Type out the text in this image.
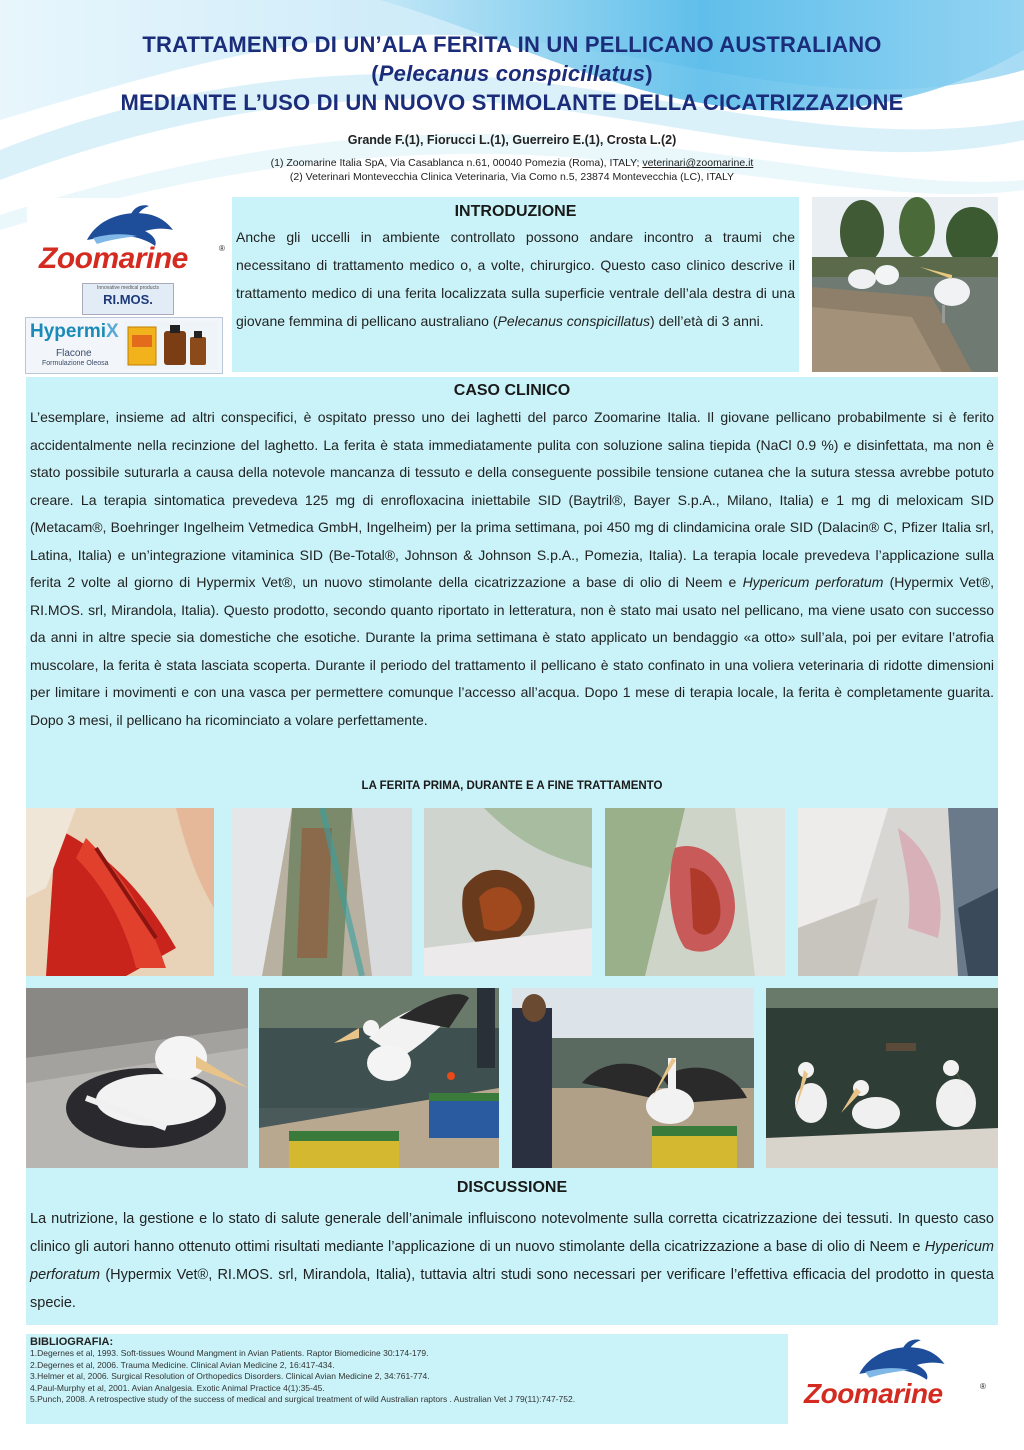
TRATTAMENTO DI UN’ALA FERITA IN UN PELLICANO AUSTRALIANO
(Pelecanus conspicillatus)
MEDIANTE L’USO DI UN NUOVO STIMOLANTE DELLA CICATRIZZAZIONE
Grande F.(1), Fiorucci L.(1), Guerreiro E.(1), Crosta L.(2)
(1) Zoomarine Italia SpA, Via Casablanca n.61, 00040 Pomezia (Roma), ITALY; veterinari@zoomarine.it
(2) Veterinari Montevecchia Clinica Veterinaria, Via Como n.5, 23874 Montevecchia (LC), ITALY
Zoomarine	®
Innovative medical products
RI.MOS.
HypermiX
Flacone
Formulazione Oleosa
INTRODUZIONE
Anche gli uccelli in ambiente controllato possono andare incontro a traumi che necessitano di trattamento medico o, a volte, chirurgico. Questo caso clinico descrive il trattamento medico di una ferita localizzata sulla superficie ventrale dell’ala destra di una giovane femmina di pellicano australiano (Pelecanus conspicillatus) dell’età di 3 anni.
CASO CLINICO
L’esemplare, insieme ad altri conspecifici, è ospitato presso uno dei laghetti del parco Zoomarine Italia. Il giovane pellicano probabilmente si è ferito accidentalmente nella recinzione del laghetto. La ferita è stata immediatamente pulita con soluzione salina tiepida (NaCl 0.9 %) e disinfettata, ma non è stato possibile suturarla a causa della notevole mancanza di tessuto e della conseguente possibile tensione cutanea che la sutura stessa avrebbe potuto creare. La terapia sintomatica prevedeva 125 mg di enrofloxacina iniettabile SID (Baytril®, Bayer S.p.A., Milano, Italia) e 1 mg di meloxicam SID (Metacam®, Boehringer Ingelheim Vetmedica GmbH, Ingelheim) per la prima settimana, poi 450 mg di clindamicina orale SID (Dalacin® C, Pfizer Italia srl, Latina, Italia) e un’integrazione vitaminica SID (Be-Total®, Johnson & Johnson S.p.A., Pomezia, Italia). La terapia locale prevedeva l’applicazione sulla ferita 2 volte al giorno di Hypermix Vet®, un nuovo stimolante della cicatrizzazione a base di olio di Neem e Hypericum perforatum (Hypermix Vet®, RI.MOS. srl, Mirandola, Italia). Questo prodotto, secondo quanto riportato in letteratura, non è stato mai usato nel pellicano, ma viene usato con successo da anni in altre specie sia domestiche che esotiche. Durante la prima settimana è stato applicato un bendaggio «a otto» sull’ala, poi per evitare l’atrofia muscolare, la ferita è stata lasciata scoperta. Durante il periodo del trattamento il pellicano è stato confinato in una voliera veterinaria di ridotte dimensioni per limitare i movimenti e con una vasca per permettere comunque l’accesso all’acqua. Dopo 1 mese di terapia locale, la ferita è completamente guarita. Dopo 3 mesi, il pellicano ha ricominciato a volare perfettamente.
LA FERITA PRIMA, DURANTE E A FINE TRATTAMENTO
DISCUSSIONE
La nutrizione, la gestione e lo stato di salute generale dell’animale influiscono notevolmente sulla corretta cicatrizzazione dei tessuti. In questo caso clinico gli autori hanno ottenuto ottimi risultati mediante l’applicazione di un nuovo stimolante della cicatrizzazione a base di olio di Neem e Hypericum perforatum (Hypermix Vet®, RI.MOS. srl, Mirandola, Italia), tuttavia altri studi sono necessari per verificare l’effettiva efficacia del prodotto in questa specie.
BIBLIOGRAFIA:
1.Degernes et al, 1993. Soft-tissues Wound Mangment in Avian Patients. Raptor Biomedicine 30:174-179.
2.Degernes et al, 2006. Trauma Medicine. Clinical Avian Medicine 2, 16:417-434.
3.Helmer et al, 2006. Surgical Resolution of Orthopedics Disorders. Clinical Avian Medicine 2, 34:761-774.
4.Paul-Murphy et al, 2001. Avian Analgesia. Exotic Animal Practice 4(1):35-45.
5.Punch, 2008. A retrospective study of the success of medical and surgical treatment of wild Australian raptors . Australian Vet J 79(11):747-752.	Zoomarine	®
